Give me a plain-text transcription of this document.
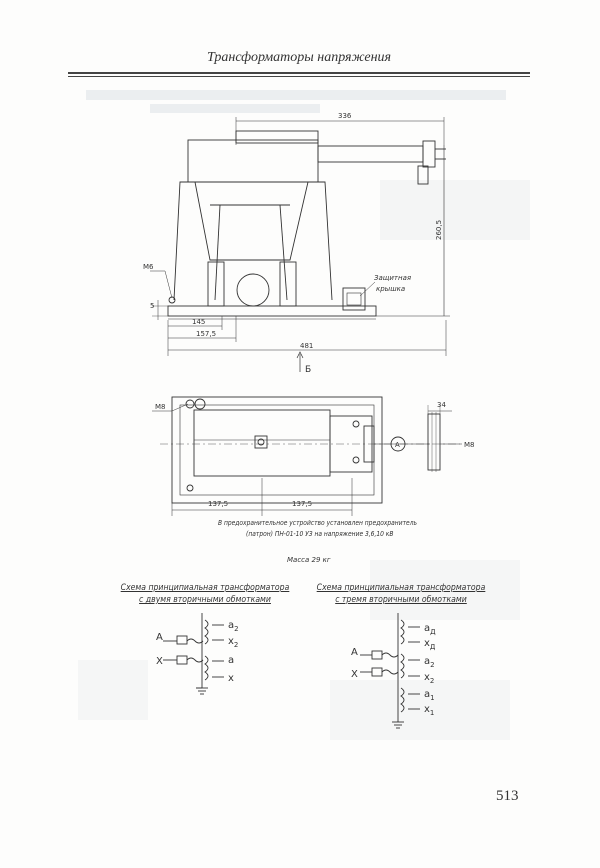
Трансформаторы напряжения
336
260,5
M6
5
Защитная
крышка
145
157,5
481
Б
M8	34
M8
A
137,5	137,5
A
X
$a_2$
$x_2$
a
x
A
X
$a_Д$
$x_Д$
$a_2$
$x_2$
$a_1$
$x_1$
В предохранительное устройство установлен предохранитель
(патрон) ПН-01-10 УЗ на напряжение 3,6,10 кВ
Масса 29 кг
Схема принципиальная трансформатора
с двумя вторичными обмотками
Схема принципиальная трансформатора
с тремя вторичными обмотками
513
